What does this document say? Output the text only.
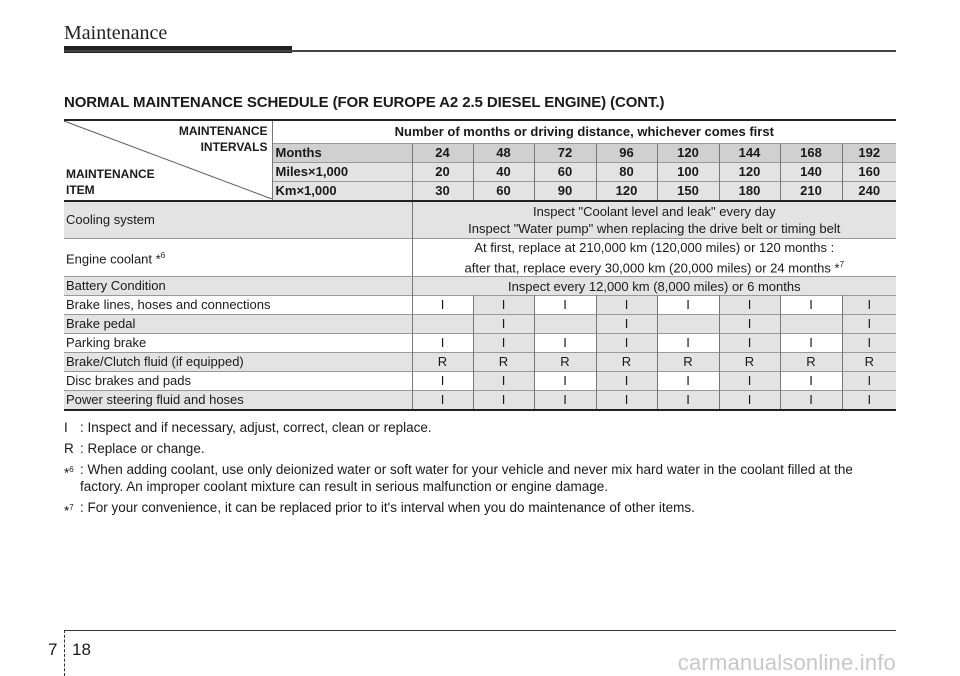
Maintenance
NORMAL MAINTENANCE SCHEDULE (FOR EUROPE A2 2.5 DIESEL ENGINE) (CONT.)
MAINTENANCE
INTERVALS
MAINTENANCE
ITEM	Number of months or driving distance, whichever comes first								
	Months	24	48	72	96	120	144	168	192
	Miles×1,000	20	40	60	80	100	120	140	160
	Km×1,000	30	60	90	120	150	180	210	240
Cooling system		Inspect "Coolant level and leak" every day
Inspect "Water pump" when replacing the drive belt or timing belt							

Engine coolant *$^6$		At first, replace at 210,000 km (120,000 miles) or 120 months :
after that, replace every 30,000 km (20,000 miles) or 24 months *$^7$

Battery Condition		Inspect every 12,000 km (8,000 miles) or 6 months							

Brake lines, hoses and connections		I	I	I	I	I	I	I	I
Brake pedal			I		I		I		I
Parking brake		I	I	I	I	I	I	I	I
Brake/Clutch fluid (if equipped)		R	R	R	R	R	R	R	R
Disc brakes and pads		I	I	I	I	I	I	I	I
Power steering fluid and hoses		I	I	I	I	I	I	I	I
I : Inspect and if necessary, adjust, correct, clean or replace.
R : Replace or change.
*$^6$ : When adding coolant, use only deionized water or soft water for your vehicle and never mix hard water in the coolant filled at the factory. An improper coolant mixture can result in serious malfunction or engine damage.
*$^7$ : For your convenience, it can be replaced prior to it's interval when you do maintenance of other items.
7 18
carmanualsonline.info
